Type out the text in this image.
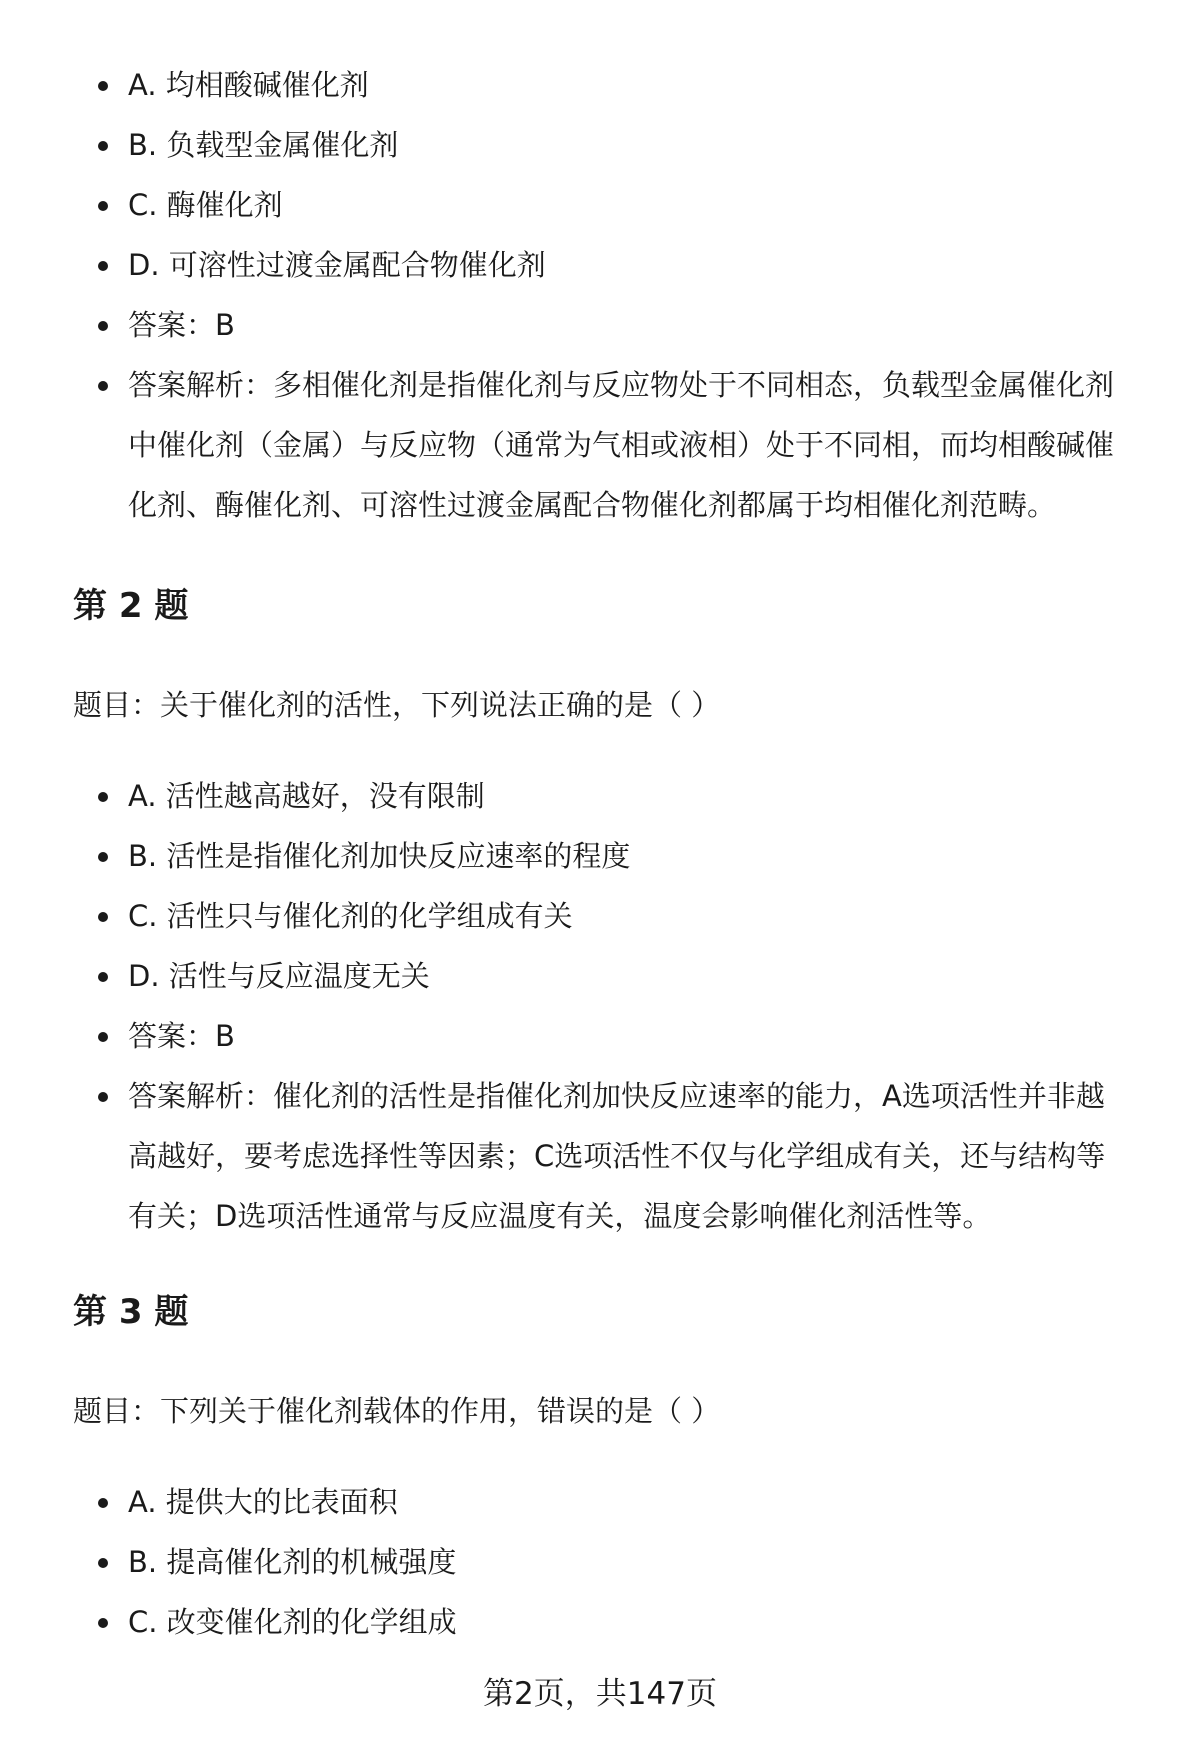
A. 均相酸碱催化剂
B. 负载型金属催化剂
C. 酶催化剂
D. 可溶性过渡金属配合物催化剂
答案：B
答案解析：多相催化剂是指催化剂与反应物处于不同相态，负载型金属催化剂中催化剂（金属）与反应物（通常为气相或液相）处于不同相，而均相酸碱催化剂、酶催化剂、可溶性过渡金属配合物催化剂都属于均相催化剂范畴。
第 2 题
题目：关于催化剂的活性，下列说法正确的是（ ）
A. 活性越高越好，没有限制
B. 活性是指催化剂加快反应速率的程度
C. 活性只与催化剂的化学组成有关
D. 活性与反应温度无关
答案：B
答案解析：催化剂的活性是指催化剂加快反应速率的能力，A选项活性并非越高越好，要考虑选择性等因素；C选项活性不仅与化学组成有关，还与结构等有关；D选项活性通常与反应温度有关，温度会影响催化剂活性等。
第 3 题
题目：下列关于催化剂载体的作用，错误的是（ ）
A. 提供大的比表面积
B. 提高催化剂的机械强度
C. 改变催化剂的化学组成
第2页，共147页
